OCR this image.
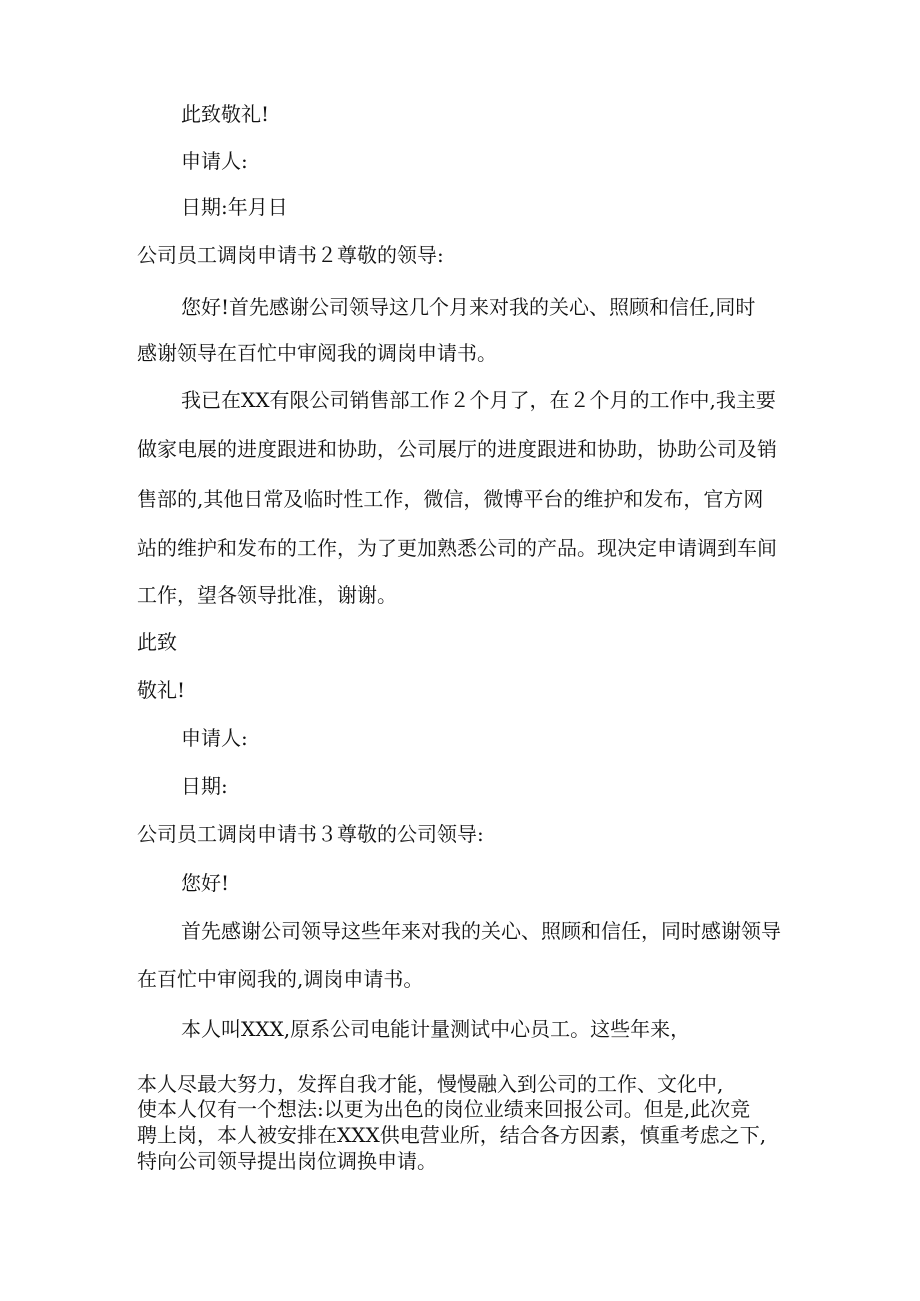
此致敬礼!

申请人:

日期:年月日

公司员工调岗申请书２尊敬的领导:

您好!首先感谢公司领导这几个月来对我的关心、照顾和信任,同时

感谢领导在百忙中审阅我的调岗申请书。

我已在XX有限公司销售部工作２个月了，在２个月的工作中,我主要

做家电展的进度跟进和协助，公司展厅的进度跟进和协助，协助公司及销

售部的,其他日常及临时性工作，微信，微博平台的维护和发布，官方网

站的维护和发布的工作，为了更加熟悉公司的产品。现决定申请调到车间

工作，望各领导批准，谢谢。

此致

敬礼!

申请人:

日期:

公司员工调岗申请书３尊敬的公司领导:

您好!

首先感谢公司领导这些年来对我的关心、照顾和信任，同时感谢领导

在百忙中审阅我的,调岗申请书。

本人叫XXX,原系公司电能计量测试中心员工。这些年来，

本人尽最大努力，发挥自我才能，慢慢融入到公司的工作、文化中,

使本人仅有一个想法:以更为出色的岗位业绩来回报公司。但是,此次竞

聘上岗，本人被安排在XXX供电营业所，结合各方因素，慎重考虑之下,

特向公司领导提出岗位调换申请。
